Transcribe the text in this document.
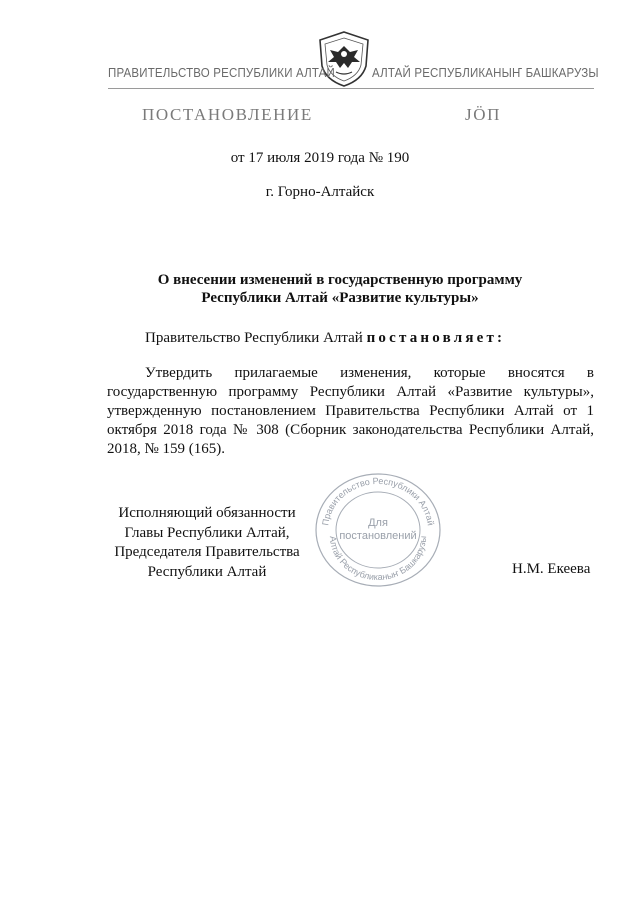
ПРАВИТЕЛЬСТВО РЕСПУБЛИКИ АЛТАЙ	АЛТАЙ РЕСПУБЛИКАНЫҤ БАШКАРУЗЫ
ПОСТАНОВЛЕНИЕ	ЈӦП
от 17 июля 2019 года № 190
г. Горно-Алтайск
О внесении изменений в государственную программу
Республики Алтай «Развитие культуры»
Правительство Республики Алтай постановляет:
Утвердить прилагаемые изменения, которые вносятся в государственную программу Республики Алтай «Развитие культуры», утвержденную постановлением Правительства Республики Алтай от 1 октября 2018 года № 308 (Сборник законодательства Республики Алтай, 2018, № 159 (165).
Правительство Республики Алтай
Алтай Республиканыҥ Башкарузы
Для
постановлений
Исполняющий обязанности
Главы Республики Алтай,
Председателя Правительства
Республики Алтай	Н.М. Екеева
